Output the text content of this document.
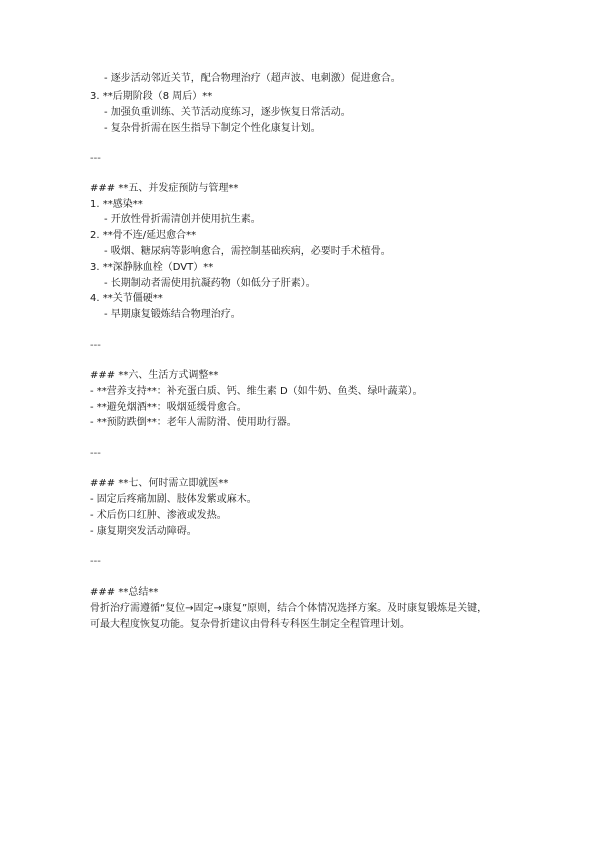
- 逐步活动邻近关节，配合物理治疗（超声波、电刺激）促进愈合。
3. **后期阶段（8 周后）**
- 加强负重训练、关节活动度练习，逐步恢复日常活动。
- 复杂骨折需在医生指导下制定个性化康复计划。
---
### **五、并发症预防与管理**
1. **感染**
- 开放性骨折需清创并使用抗生素。
2. **骨不连/延迟愈合**
- 吸烟、糖尿病等影响愈合，需控制基础疾病，必要时手术植骨。
3. **深静脉血栓（DVT）**
- 长期制动者需使用抗凝药物（如低分子肝素）。
4. **关节僵硬**
- 早期康复锻炼结合物理治疗。
---
### **六、生活方式调整**
- **营养支持**：补充蛋白质、钙、维生素 D（如牛奶、鱼类、绿叶蔬菜）。
- **避免烟酒**：吸烟延缓骨愈合。
- **预防跌倒**：老年人需防滑、使用助行器。
---
### **七、何时需立即就医**
- 固定后疼痛加剧、肢体发紫或麻木。
- 术后伤口红肿、渗液或发热。
- 康复期突发活动障碍。
---
### **总结**
骨折治疗需遵循“复位→固定→康复”原则，结合个体情况选择方案。及时康复锻炼是关键，
可最大程度恢复功能。复杂骨折建议由骨科专科医生制定全程管理计划。
